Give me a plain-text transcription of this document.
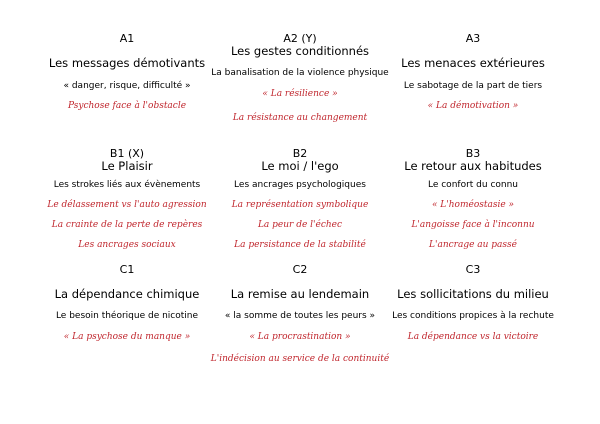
A1
Les messages démotivants
« danger, risque, difficulté »
Psychose face à l'obstacle
A2 (Y)
Les gestes conditionnés
La banalisation de la violence physique
« La résilience »
La résistance au changement
A3
Les menaces extérieures
Le sabotage de la part de tiers
« La démotivation »
B1 (X)
Le Plaisir
Les strokes liés aux évènements
Le délassement vs l'auto agression
La crainte de la perte de repères
Les ancrages sociaux
B2
Le moi / l'ego
Les ancrages psychologiques
La représentation symbolique
La peur de l'échec
La persistance de la stabilité
B3
Le retour aux habitudes
Le confort du connu
« L'homéostasie »
L'angoisse face à l'inconnu
L'ancrage au passé
C1
La dépendance chimique
Le besoin théorique de nicotine
« La psychose du manque »
C2
La remise au lendemain
« la somme de toutes les peurs »
« La procrastination »
L'indécision au service de la continuité
C3
Les sollicitations du milieu
Les conditions propices à la rechute
La dépendance vs la victoire
